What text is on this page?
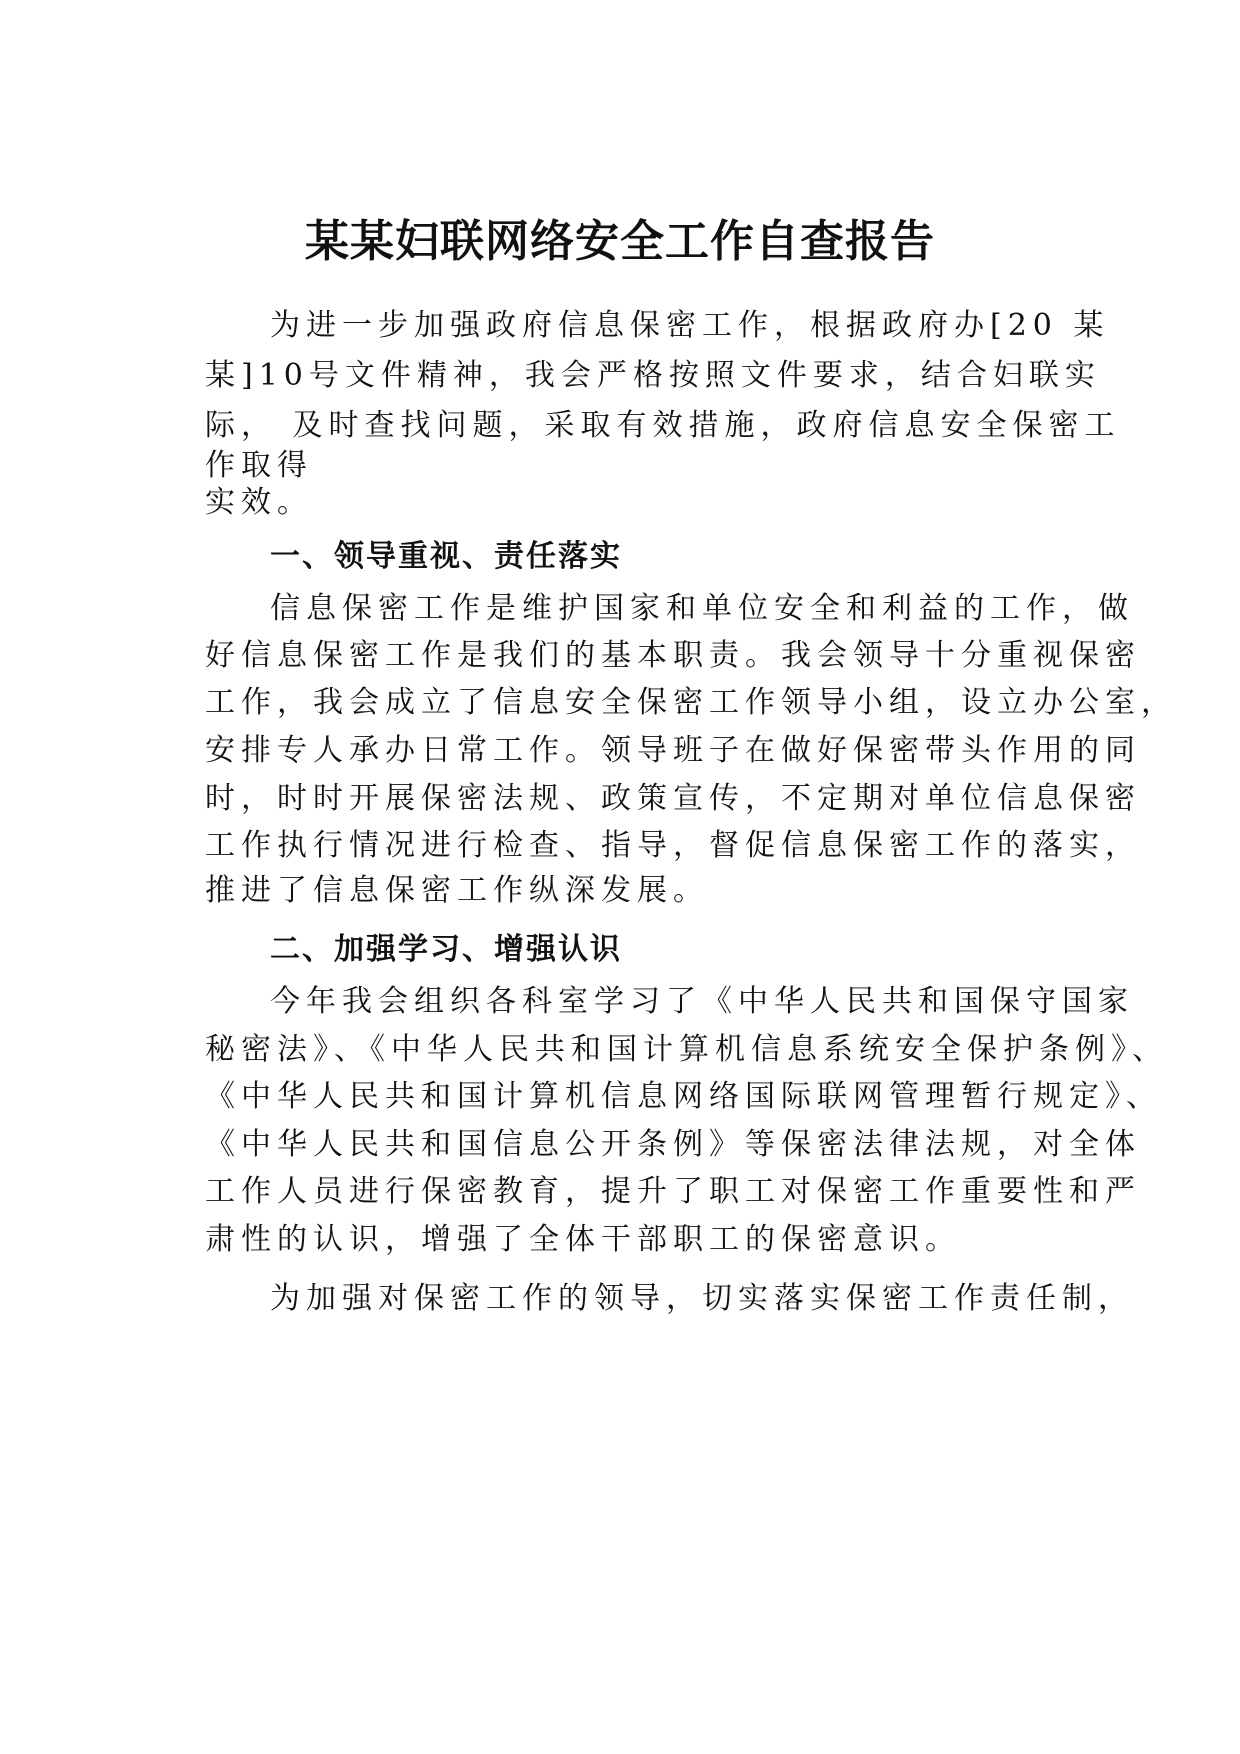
某某妇联网络安全工作自查报告
为进一步加强政府信息保密工作，根据政府办[20 某
某]10号文件精神，我会严格按照文件要求，结合妇联实
际， 及时查找问题，采取有效措施，政府信息安全保密工
作取得
实效。
一、领导重视、责任落实
信息保密工作是维护国家和单位安全和利益的工作，做
好信息保密工作是我们的基本职责。我会领导十分重视保密
工作，我会成立了信息安全保密工作领导小组，设立办公室，
安排专人承办日常工作。领导班子在做好保密带头作用的同
时，时时开展保密法规、政策宣传，不定期对单位信息保密
工作执行情况进行检查、指导，督促信息保密工作的落实，
推进了信息保密工作纵深发展。
二、加强学习、增强认识
今年我会组织各科室学习了《中华人民共和国保守国家
秘密法》、《中华人民共和国计算机信息系统安全保护条例》、
《中华人民共和国计算机信息网络国际联网管理暂行规定》、
《中华人民共和国信息公开条例》等保密法律法规，对全体
工作人员进行保密教育，提升了职工对保密工作重要性和严
肃性的认识，增强了全体干部职工的保密意识。
为加强对保密工作的领导，切实落实保密工作责任制，
